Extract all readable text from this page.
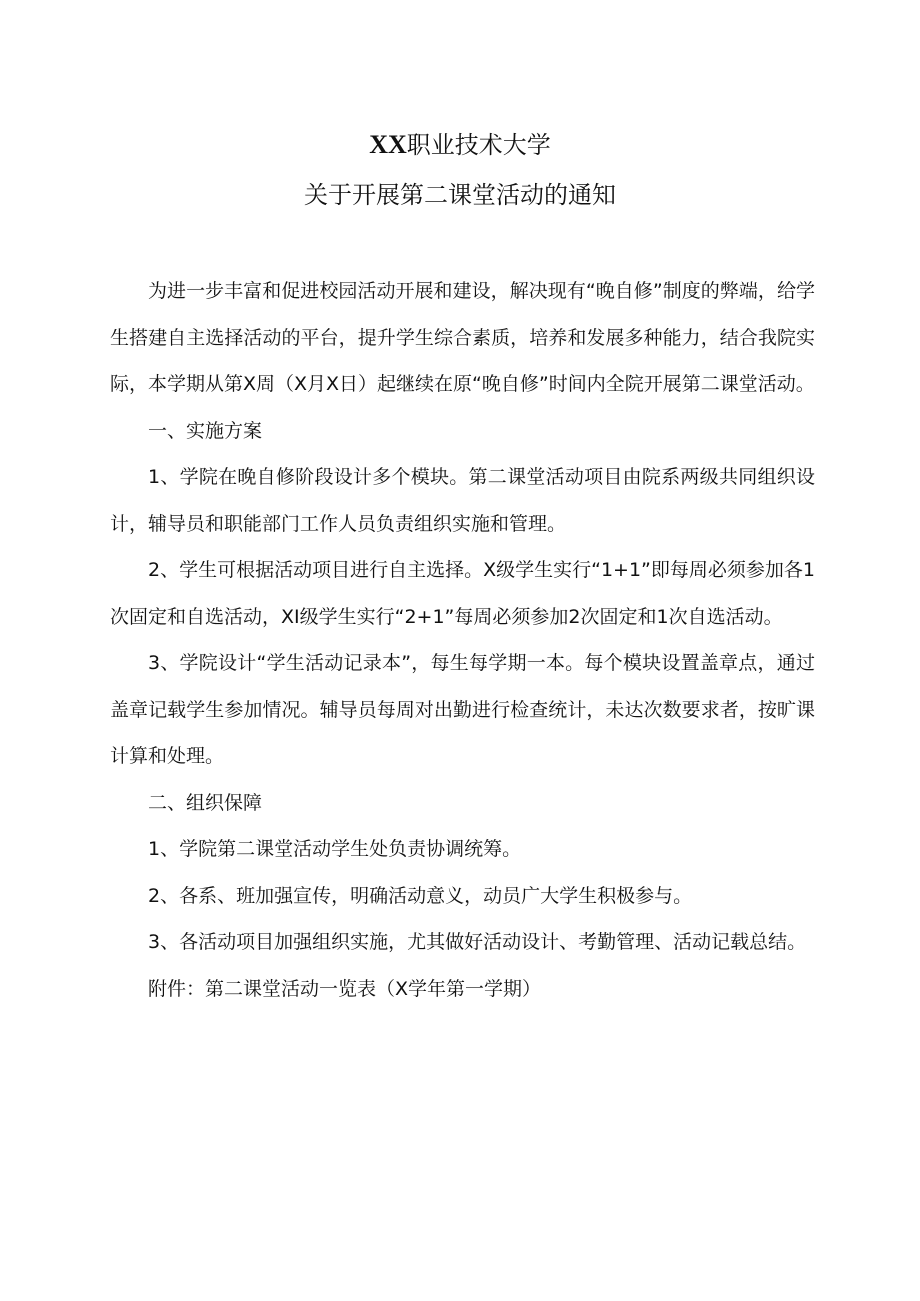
XX职业技术大学
关于开展第二课堂活动的通知

为进一步丰富和促进校园活动开展和建设，解决现有“晚自修”制度的弊端，给学生搭建自主选择活动的平台，提升学生综合素质，培养和发展多种能力，结合我院实际，本学期从第X周（X月X日）起继续在原“晚自修”时间内全院开展第二课堂活动。

一、实施方案

1、学院在晚自修阶段设计多个模块。第二课堂活动项目由院系两级共同组织设计，辅导员和职能部门工作人员负责组织实施和管理。

2、学生可根据活动项目进行自主选择。X级学生实行“1+1”即每周必须参加各1次固定和自选活动，XI级学生实行“2+1”每周必须参加2次固定和1次自选活动。

3、学院设计“学生活动记录本”，每生每学期一本。每个模块设置盖章点，通过盖章记载学生参加情况。辅导员每周对出勤进行检查统计，未达次数要求者，按旷课计算和处理。

二、组织保障

1、学院第二课堂活动学生处负责协调统筹。

2、各系、班加强宣传，明确活动意义，动员广大学生积极参与。

3、各活动项目加强组织实施，尤其做好活动设计、考勤管理、活动记载总结。

附件：第二课堂活动一览表（X学年第一学期）
